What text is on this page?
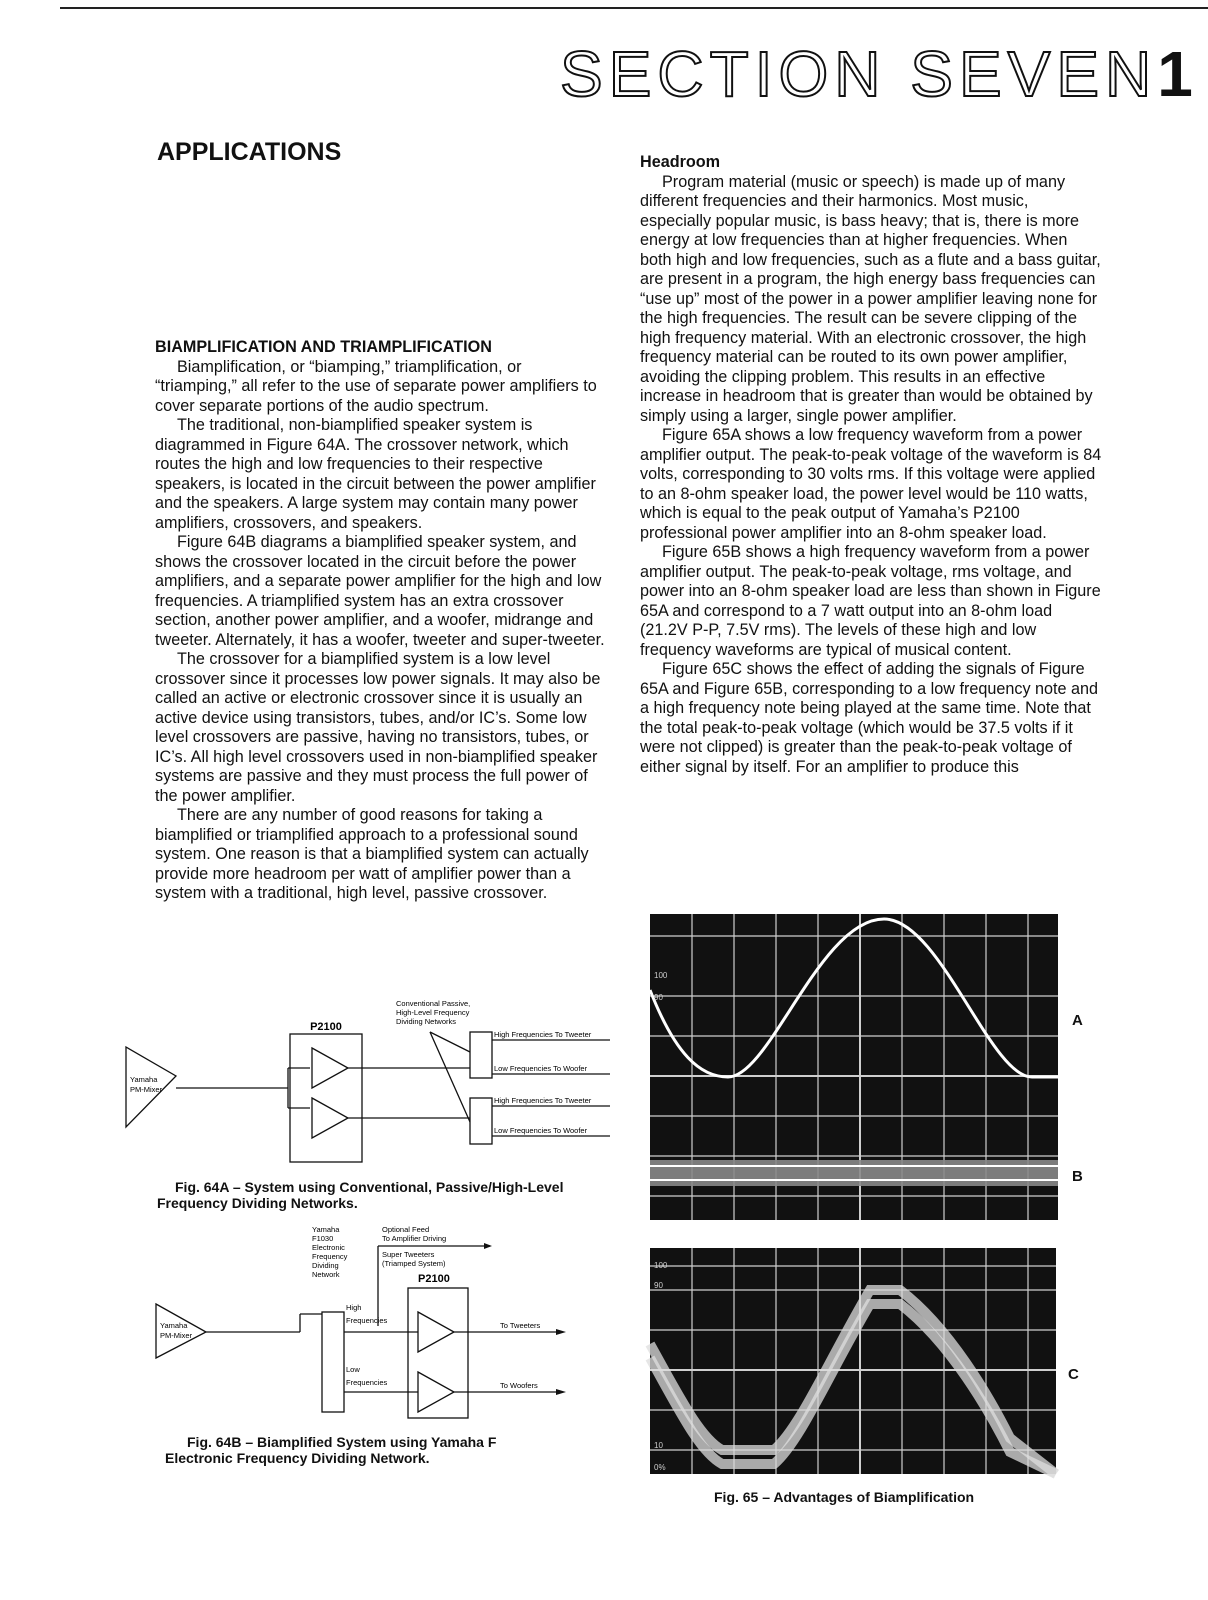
SECTION SEVEN1
APPLICATIONS
BIAMPLIFICATION AND TRIAMPLIFICATION

Biamplification, or “biamping,” triamplification, or “triamping,” all refer to the use of separate power amplifiers to cover separate portions of the audio spectrum.

The traditional, non-biamplified speaker system is diagrammed in Figure 64A. The crossover network, which routes the high and low frequencies to their respective speakers, is located in the circuit between the power amplifier and the speakers. A large system may contain many power amplifiers, crossovers, and speakers.

Figure 64B diagrams a biamplified speaker system, and shows the crossover located in the circuit before the power amplifiers, and a separate power amplifier for the high and low frequencies. A triamplified system has an extra crossover section, another power amplifier, and a woofer, midrange and tweeter. Alternately, it has a woofer, tweeter and super-tweeter.

The crossover for a biamplified system is a low level crossover since it processes low power signals. It may also be called an active or electronic crossover since it is usually an active device using transistors, tubes, and/or IC’s. Some low level crossovers are passive, having no transistors, tubes, or IC’s. All high level crossovers used in non-biamplified speaker systems are passive and they must process the full power of the power amplifier.

There are any number of good reasons for taking a biamplified or triamplified approach to a professional sound system. One reason is that a biamplified system can actually provide more headroom per watt of amplifier power than a system with a traditional, high level, passive crossover.

Headroom

Program material (music or speech) is made up of many different frequencies and their harmonics. Most music, especially popular music, is bass heavy; that is, there is more energy at low frequencies than at higher frequencies. When both high and low frequencies, such as a flute and a bass guitar, are present in a program, the high energy bass frequencies can “use up” most of the power in a power amplifier leaving none for the high frequencies. The result can be severe clipping of the high frequency material. With an electronic crossover, the high frequency material can be routed to its own power amplifier, avoiding the clipping problem. This results in an effective increase in headroom that is greater than would be obtained by simply using a larger, single power amplifier.

Figure 65A shows a low frequency waveform from a power amplifier output. The peak-to-peak voltage of the waveform is 84 volts, corresponding to 30 volts rms. If this voltage were applied to an 8-ohm speaker load, the power level would be 110 watts, which is equal to the peak output of Yamaha’s P2100 professional power amplifier into an 8-ohm speaker load.

Figure 65B shows a high frequency waveform from a power amplifier output. The peak-to-peak voltage, rms voltage, and power into an 8-ohm speaker load are less than shown in Figure 65A and correspond to a 7 watt output into an 8-ohm load (21.2V P-P, 7.5V rms). The levels of these high and low frequency waveforms are typical of musical content.

Figure 65C shows the effect of adding the signals of Figure 65A and Figure 65B, corresponding to a low frequency note and a high frequency note being played at the same time. Note that the total peak-to-peak voltage (which would be 37.5 volts if it were not clipped) is greater than the peak-to-peak voltage of either signal by itself. For an amplifier to produce this

P2100
Conventional Passive,
High-Level Frequency
Dividing Networks
Yamaha
PM-Mixer
High Frequencies To Tweeter
Low Frequencies To Woofer
High Frequencies To Tweeter
Low Frequencies To Woofer
Fig. 64A – System using Conventional, Passive/High-Level
Frequency Dividing Networks.
Yamaha
F1030
Electronic
Frequency
Dividing
Network
Optional Feed
To Amplifier Driving
Super Tweeters
(Triamped System)
P2100
Yamaha
PM-Mixer
High
Frequencies
Low
Frequencies
To Tweeters
To Woofers
Fig. 64B – Biamplified System using Yamaha F
Electronic Frequency Dividing Network.
100
90
A
B
100
90
10
0%
C
Fig. 65 – Advantages of Biamplification
